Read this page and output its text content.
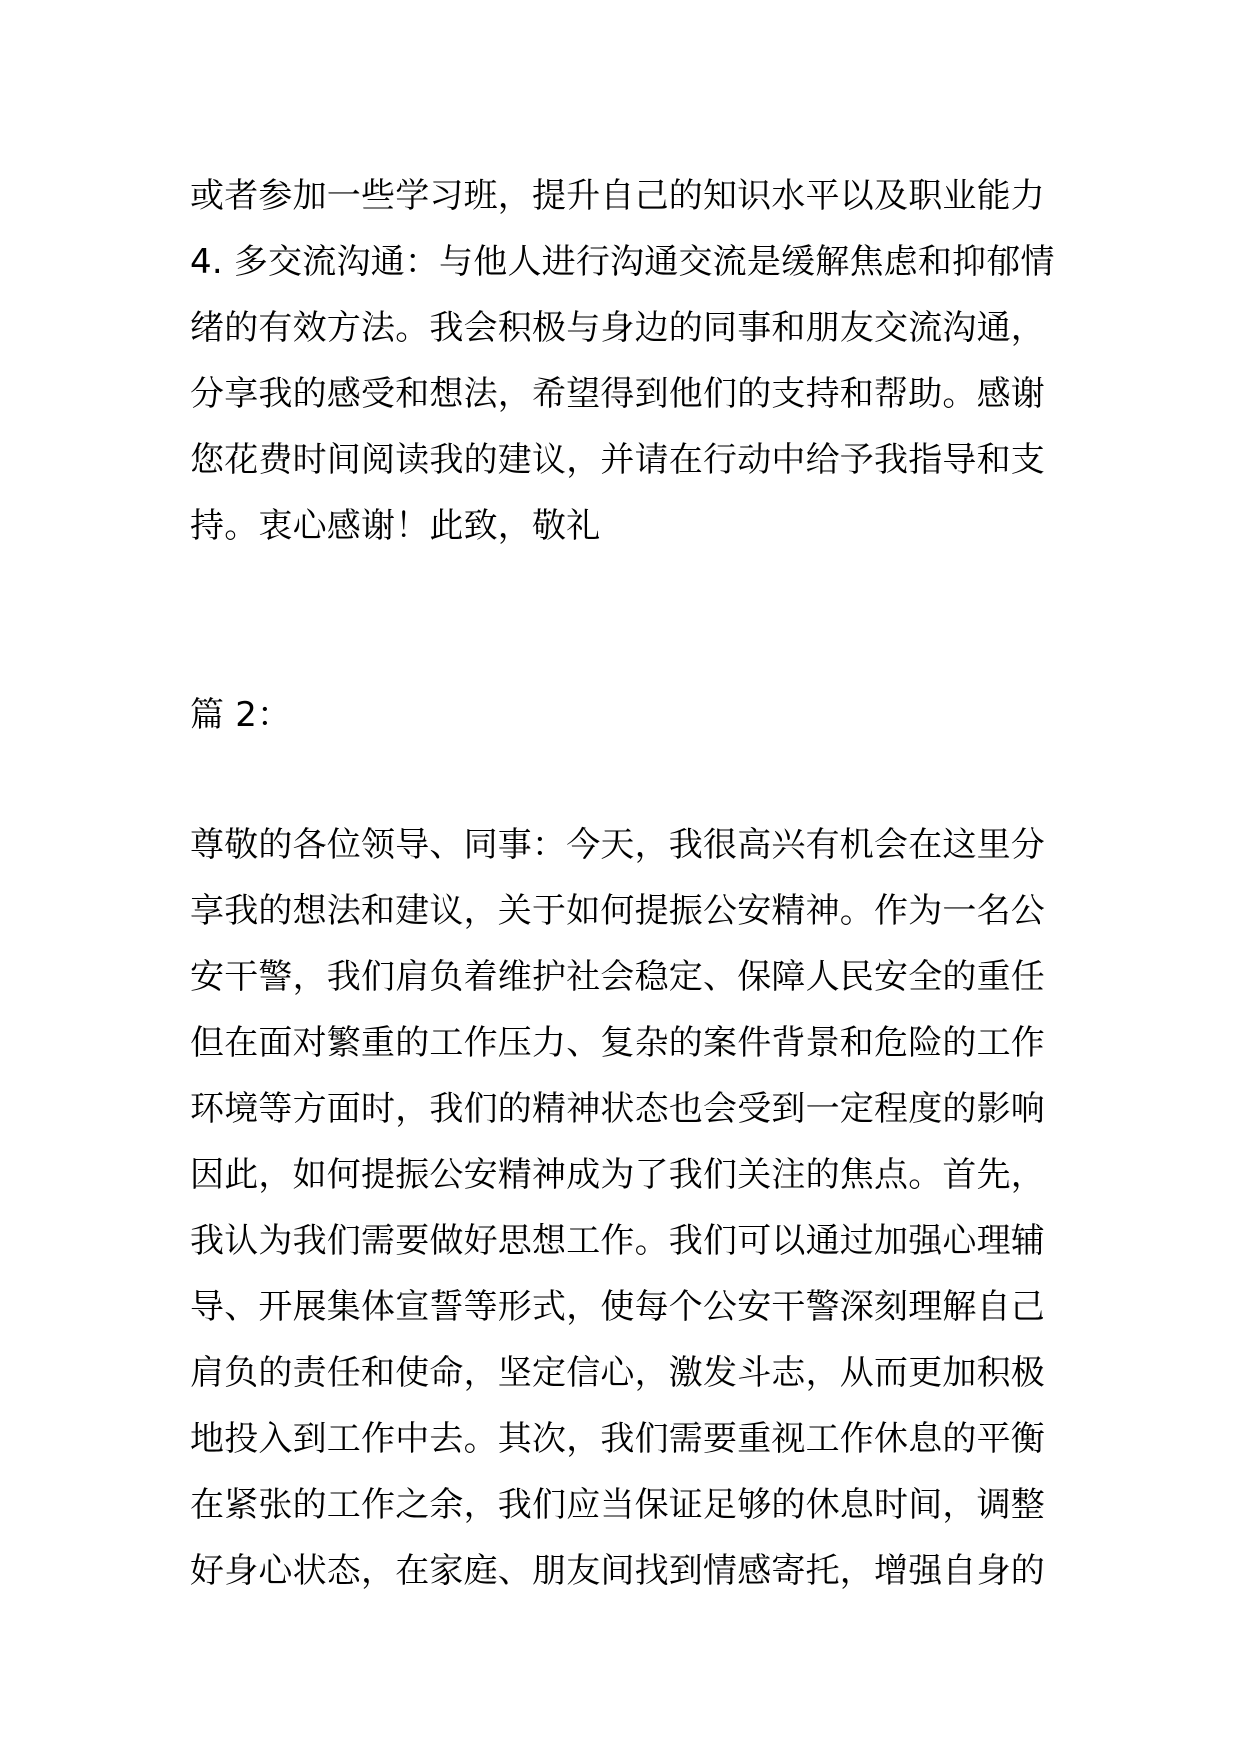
或者参加一些学习班，提升自己的知识水平以及职业能力
4. 多交流沟通：与他人进行沟通交流是缓解焦虑和抑郁情
绪的有效方法。我会积极与身边的同事和朋友交流沟通，
分享我的感受和想法，希望得到他们的支持和帮助。感谢
您花费时间阅读我的建议，并请在行动中给予我指导和支
持。衷心感谢！此致，敬礼
篇 2：
尊敬的各位领导、同事：今天，我很高兴有机会在这里分
享我的想法和建议，关于如何提振公安精神。作为一名公
安干警，我们肩负着维护社会稳定、保障人民安全的重任
但在面对繁重的工作压力、复杂的案件背景和危险的工作
环境等方面时，我们的精神状态也会受到一定程度的影响
因此，如何提振公安精神成为了我们关注的焦点。首先，
我认为我们需要做好思想工作。我们可以通过加强心理辅
导、开展集体宣誓等形式，使每个公安干警深刻理解自己
肩负的责任和使命，坚定信心，激发斗志，从而更加积极
地投入到工作中去。其次，我们需要重视工作休息的平衡
在紧张的工作之余，我们应当保证足够的休息时间，调整
好身心状态，在家庭、朋友间找到情感寄托，增强自身的
